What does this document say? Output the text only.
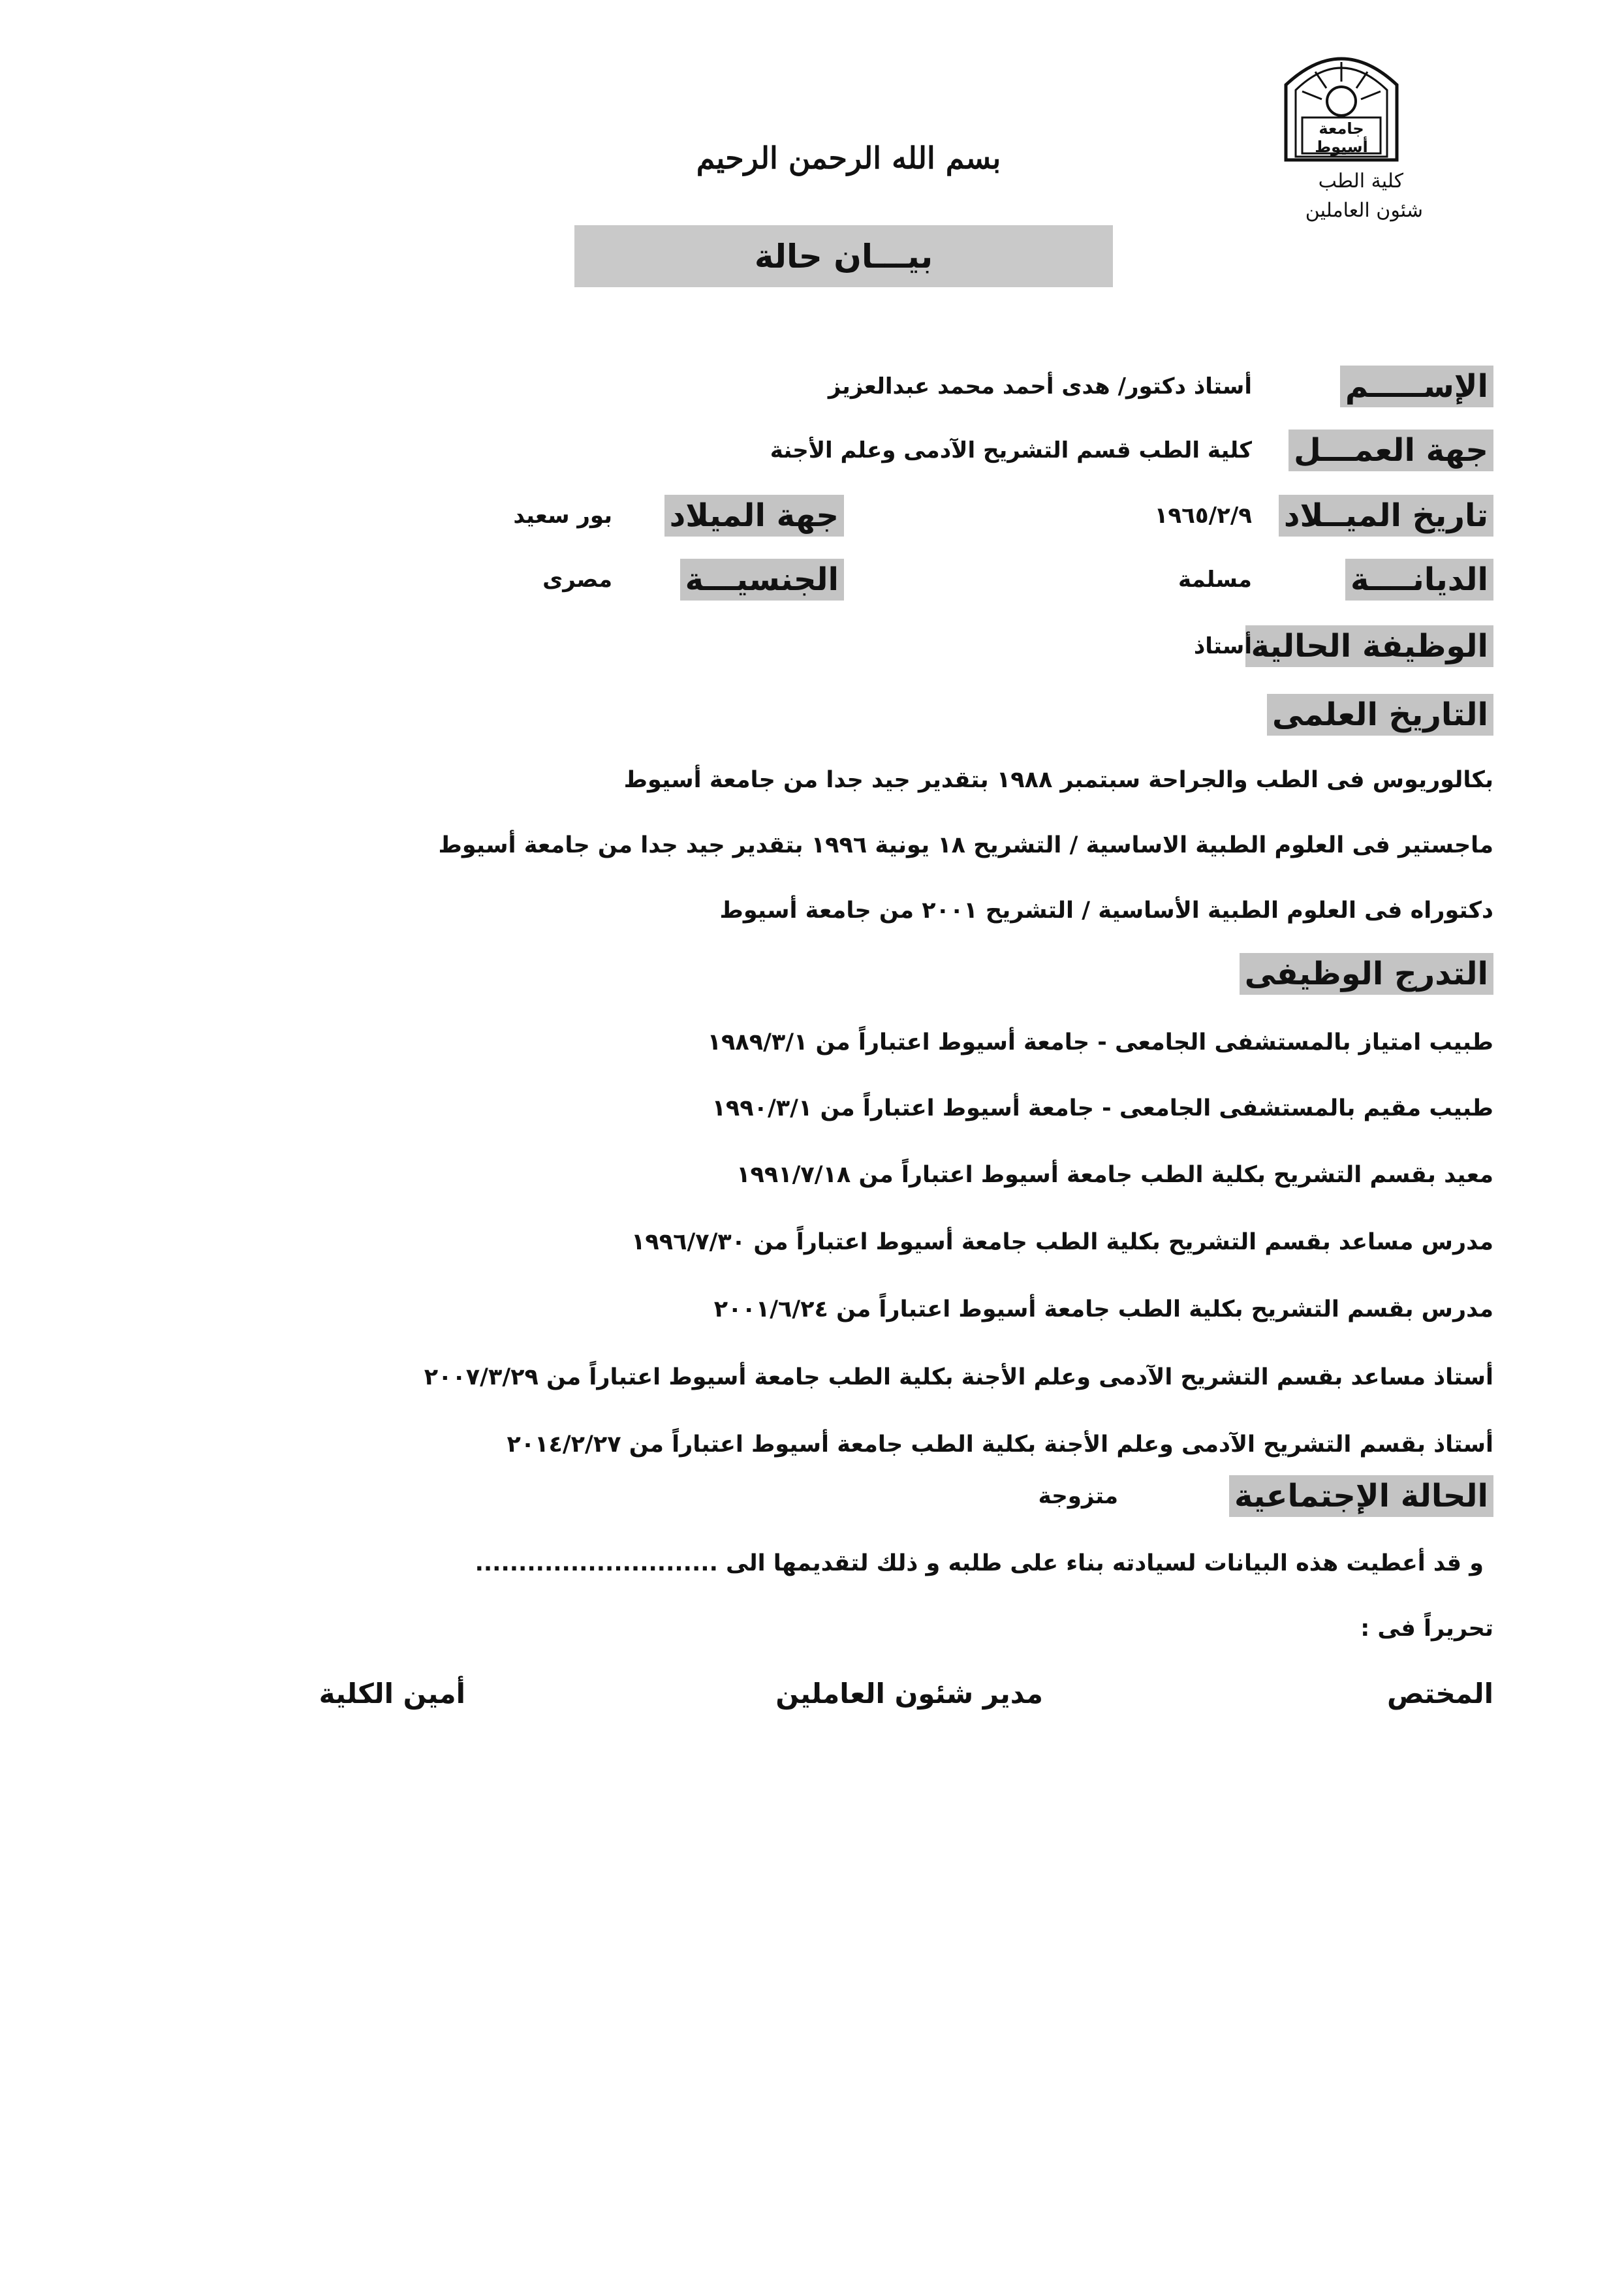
جامعة أسيوط
كلية الطب
شئون العاملين
بسم الله الرحمن الرحيم
بيـــان حالة
الإســـــم
أستاذ دكتور/ هدى أحمد محمد عبدالعزيز
جهة العمـــل
كلية الطب قسم التشريح الآدمى وعلم الأجنة
تاريخ الميــلاد
١٩٦٥/٢/٩
جهة الميلاد
بور سعيد
الديانــــة
مسلمة
الجنسيـــة
مصرى
الوظيفة الحالية
أستاذ
التاريخ العلمى
بكالوريوس فى الطب والجراحة سبتمبر ١٩٨٨ بتقدير جيد جدا من جامعة أسيوط
ماجستير فى العلوم الطبية الاساسية / التشريح ١٨ يونية ١٩٩٦ بتقدير جيد جدا من جامعة أسيوط
دكتوراه فى العلوم الطبية الأساسية / التشريح ٢٠٠١ من جامعة أسيوط
التدرج الوظيفى
طبيب امتياز بالمستشفى الجامعى - جامعة أسيوط اعتباراً من ١٩٨٩/٣/١
طبيب مقيم بالمستشفى الجامعى - جامعة أسيوط اعتباراً من ١٩٩٠/٣/١
معيد بقسم التشريح بكلية الطب جامعة أسيوط اعتباراً من ١٩٩١/٧/١٨
مدرس مساعد بقسم التشريح بكلية الطب جامعة أسيوط اعتباراً من ١٩٩٦/٧/٣٠
مدرس بقسم التشريح بكلية الطب جامعة أسيوط اعتباراً من ٢٠٠١/٦/٢٤
أستاذ مساعد بقسم التشريح الآدمى وعلم الأجنة بكلية الطب جامعة أسيوط اعتباراً من ٢٠٠٧/٣/٢٩
أستاذ بقسم التشريح الآدمى وعلم الأجنة بكلية الطب جامعة أسيوط اعتباراً من ٢٠١٤/٢/٢٧
الحالة الإجتماعية
متزوجة
و قد أعطيت هذه البيانات لسيادته بناء على طلبه و ذلك لتقديمها الى ............................
تحريراً فى :
المختص
مدير شئون العاملين
أمين الكلية
